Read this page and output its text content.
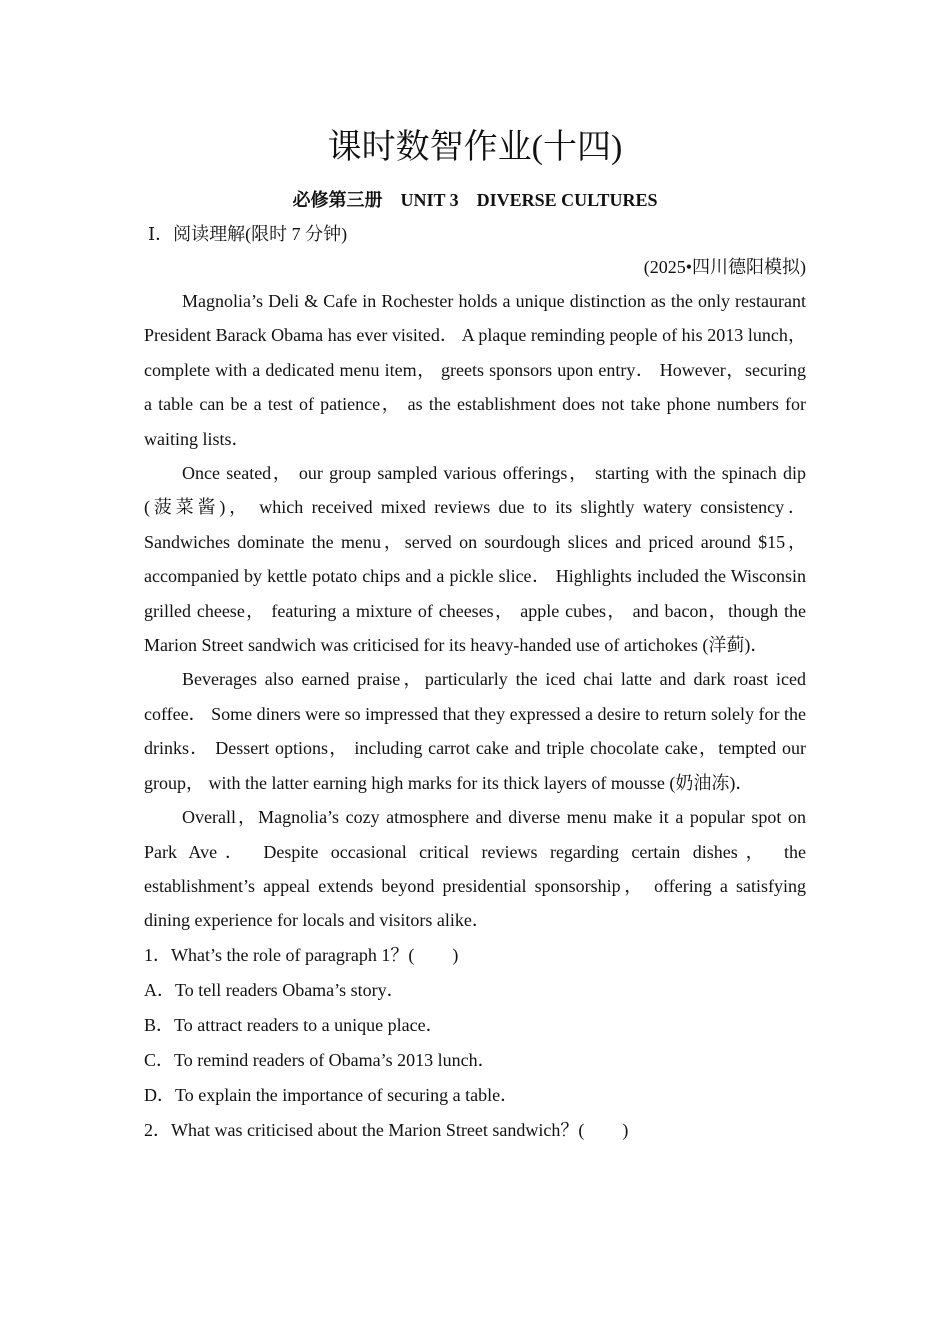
课时数智作业(十四)
必修第三册　UNIT 3　DIVERSE CULTURES
Ⅰ．阅读理解(限时 7 分钟)
(2025•四川德阳模拟)

Magnolia’s Deli & Cafe in Rochester holds a unique distinction as the only restaurant President Barack Obama has ever visited． A plaque reminding people of his 2013 lunch， complete with a dedicated menu item， greets sponsors upon entry． However，securing a table can be a test of patience， as the establishment does not take phone numbers for waiting lists．

Once seated， our group sampled various offerings， starting with the spinach dip (菠菜酱)， which received mixed reviews due to its slightly watery consistency．Sandwiches dominate the menu，served on sourdough slices and priced around $15， accompanied by kettle potato chips and a pickle slice． Highlights included the Wisconsin grilled cheese， featuring a mixture of cheeses， apple cubes， and bacon，though the Marion Street sandwich was criticised for its heavy-handed use of artichokes (洋蓟)．

Beverages also earned praise，particularly the iced chai latte and dark roast iced coffee． Some diners were so impressed that they expressed a desire to return solely for the drinks． Dessert options， including carrot cake and triple chocolate cake，tempted our group， with the latter earning high marks for its thick layers of mousse (奶油冻)．

Overall，Magnolia’s cozy atmosphere and diverse menu make it a popular spot on Park Ave． Despite occasional critical reviews regarding certain dishes， the establishment’s appeal extends beyond presidential sponsorship， offering a satisfying dining experience for locals and visitors alike．

1．What’s the role of paragraph 1？( )

A．To tell readers Obama’s story．

B．To attract readers to a unique place．

C．To remind readers of Obama’s 2013 lunch．

D．To explain the importance of securing a table．

2．What was criticised about the Marion Street sandwich？( )
